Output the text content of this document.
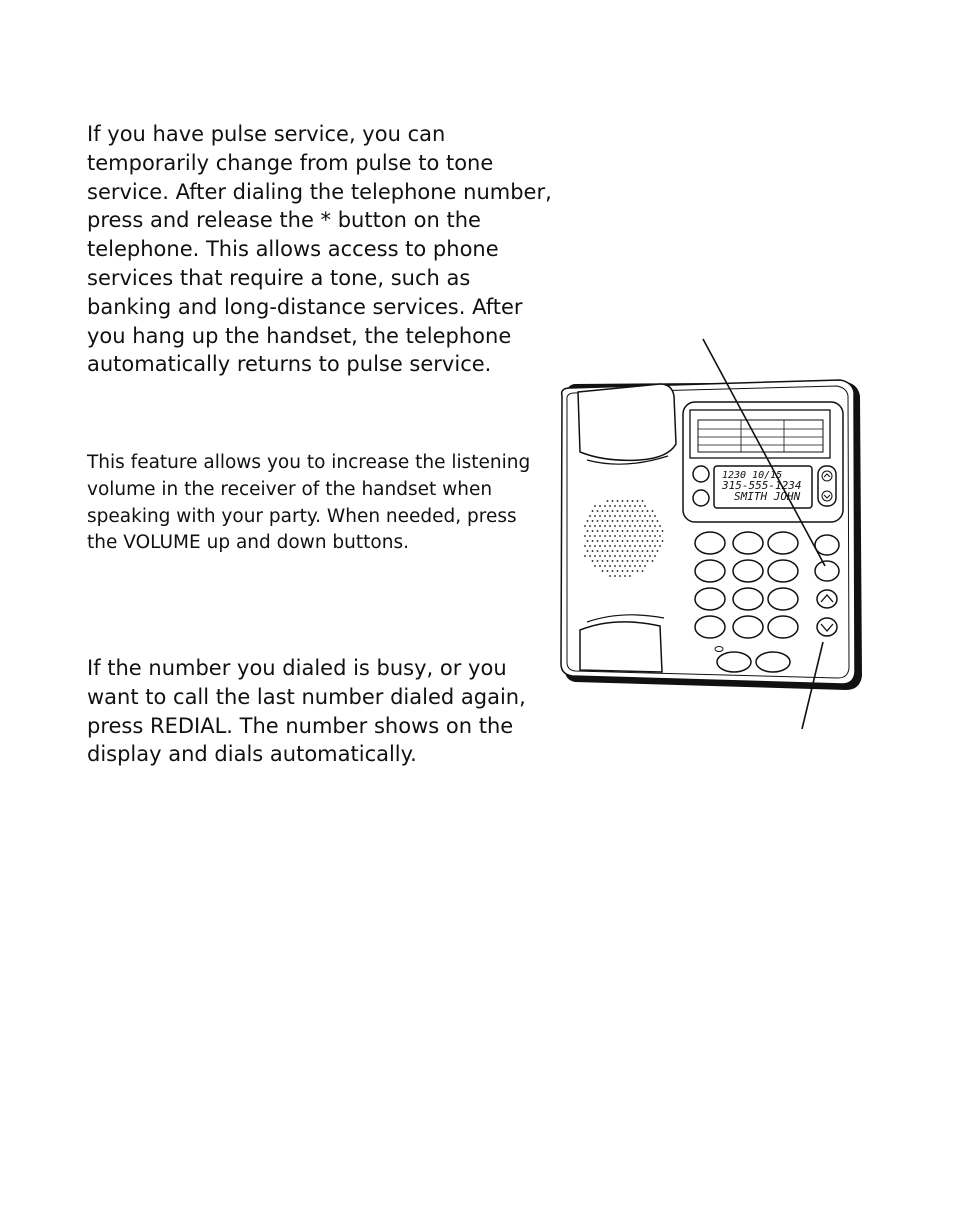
If you have pulse service, you can temporarily change from pulse to tone service. After dialing the telephone number, press and release the * button on the telephone. This allows access to phone services that require a tone, such as banking and long-distance services. After you hang up the handset, the telephone automatically returns to pulse service.

This feature allows you to increase the listening volume in the receiver of the handset when speaking with your party. When needed, press the VOLUME up and down buttons.

If the number you dialed is busy, or you want to call the last number dialed again, press REDIAL. The number shows on the display and dials automatically.

1230 10/15
315-555-1234
SMITH JOHN
